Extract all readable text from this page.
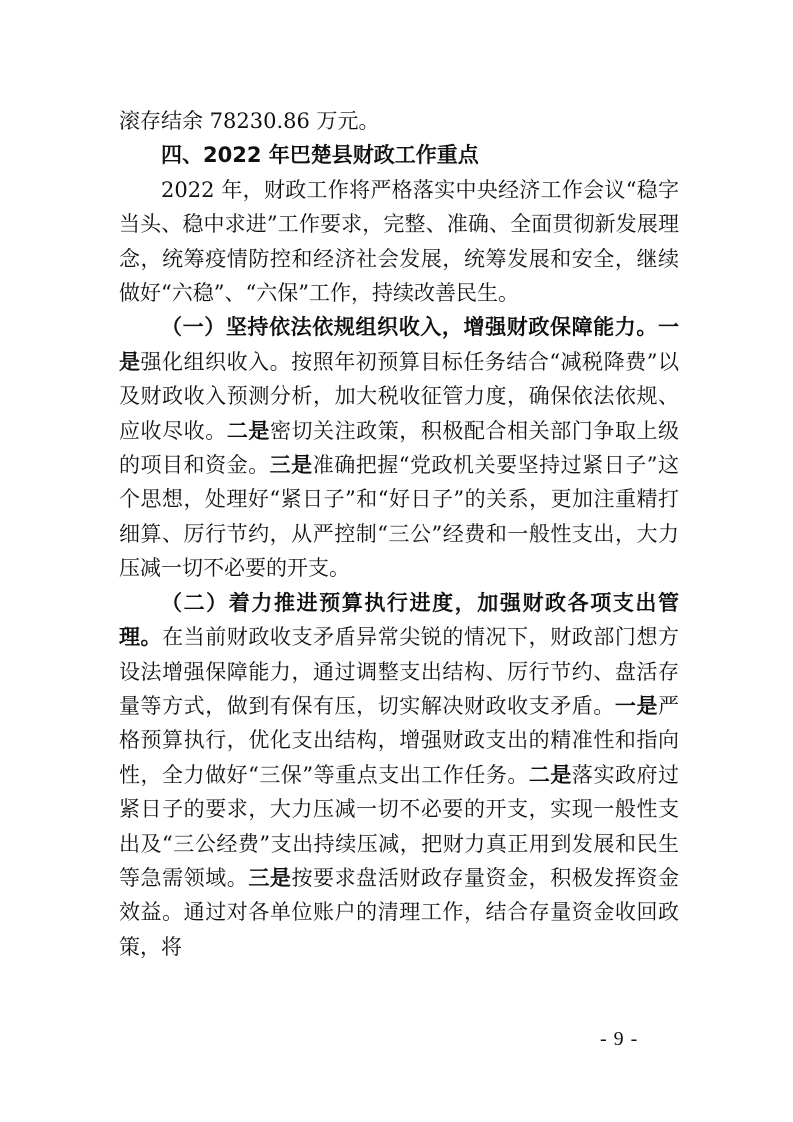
滚存结余 78230.86 万元。

四、2022 年巴楚县财政工作重点

2022 年，财政工作将严格落实中央经济工作会议“稳字当头、稳中求进”工作要求，完整、准确、全面贯彻新发展理念，统筹疫情防控和经济社会发展，统筹发展和安全，继续做好“六稳”、“六保”工作，持续改善民生。

（一）坚持依法依规组织收入，增强财政保障能力。一是强化组织收入。按照年初预算目标任务结合“减税降费”以及财政收入预测分析，加大税收征管力度，确保依法依规、应收尽收。二是密切关注政策，积极配合相关部门争取上级的项目和资金。三是准确把握“党政机关要坚持过紧日子”这个思想，处理好“紧日子”和“好日子”的关系，更加注重精打细算、厉行节约，从严控制“三公”经费和一般性支出，大力压减一切不必要的开支。

（二）着力推进预算执行进度，加强财政各项支出管理。在当前财政收支矛盾异常尖锐的情况下，财政部门想方设法增强保障能力，通过调整支出结构、厉行节约、盘活存量等方式，做到有保有压，切实解决财政收支矛盾。一是严格预算执行，优化支出结构，增强财政支出的精准性和指向性，全力做好“三保”等重点支出工作任务。二是落实政府过紧日子的要求，大力压减一切不必要的开支，实现一般性支出及“三公经费”支出持续压减，把财力真正用到发展和民生等急需领域。三是按要求盘活财政存量资金，积极发挥资金效益。通过对各单位账户的清理工作，结合存量资金收回政策，将

- 9 -
